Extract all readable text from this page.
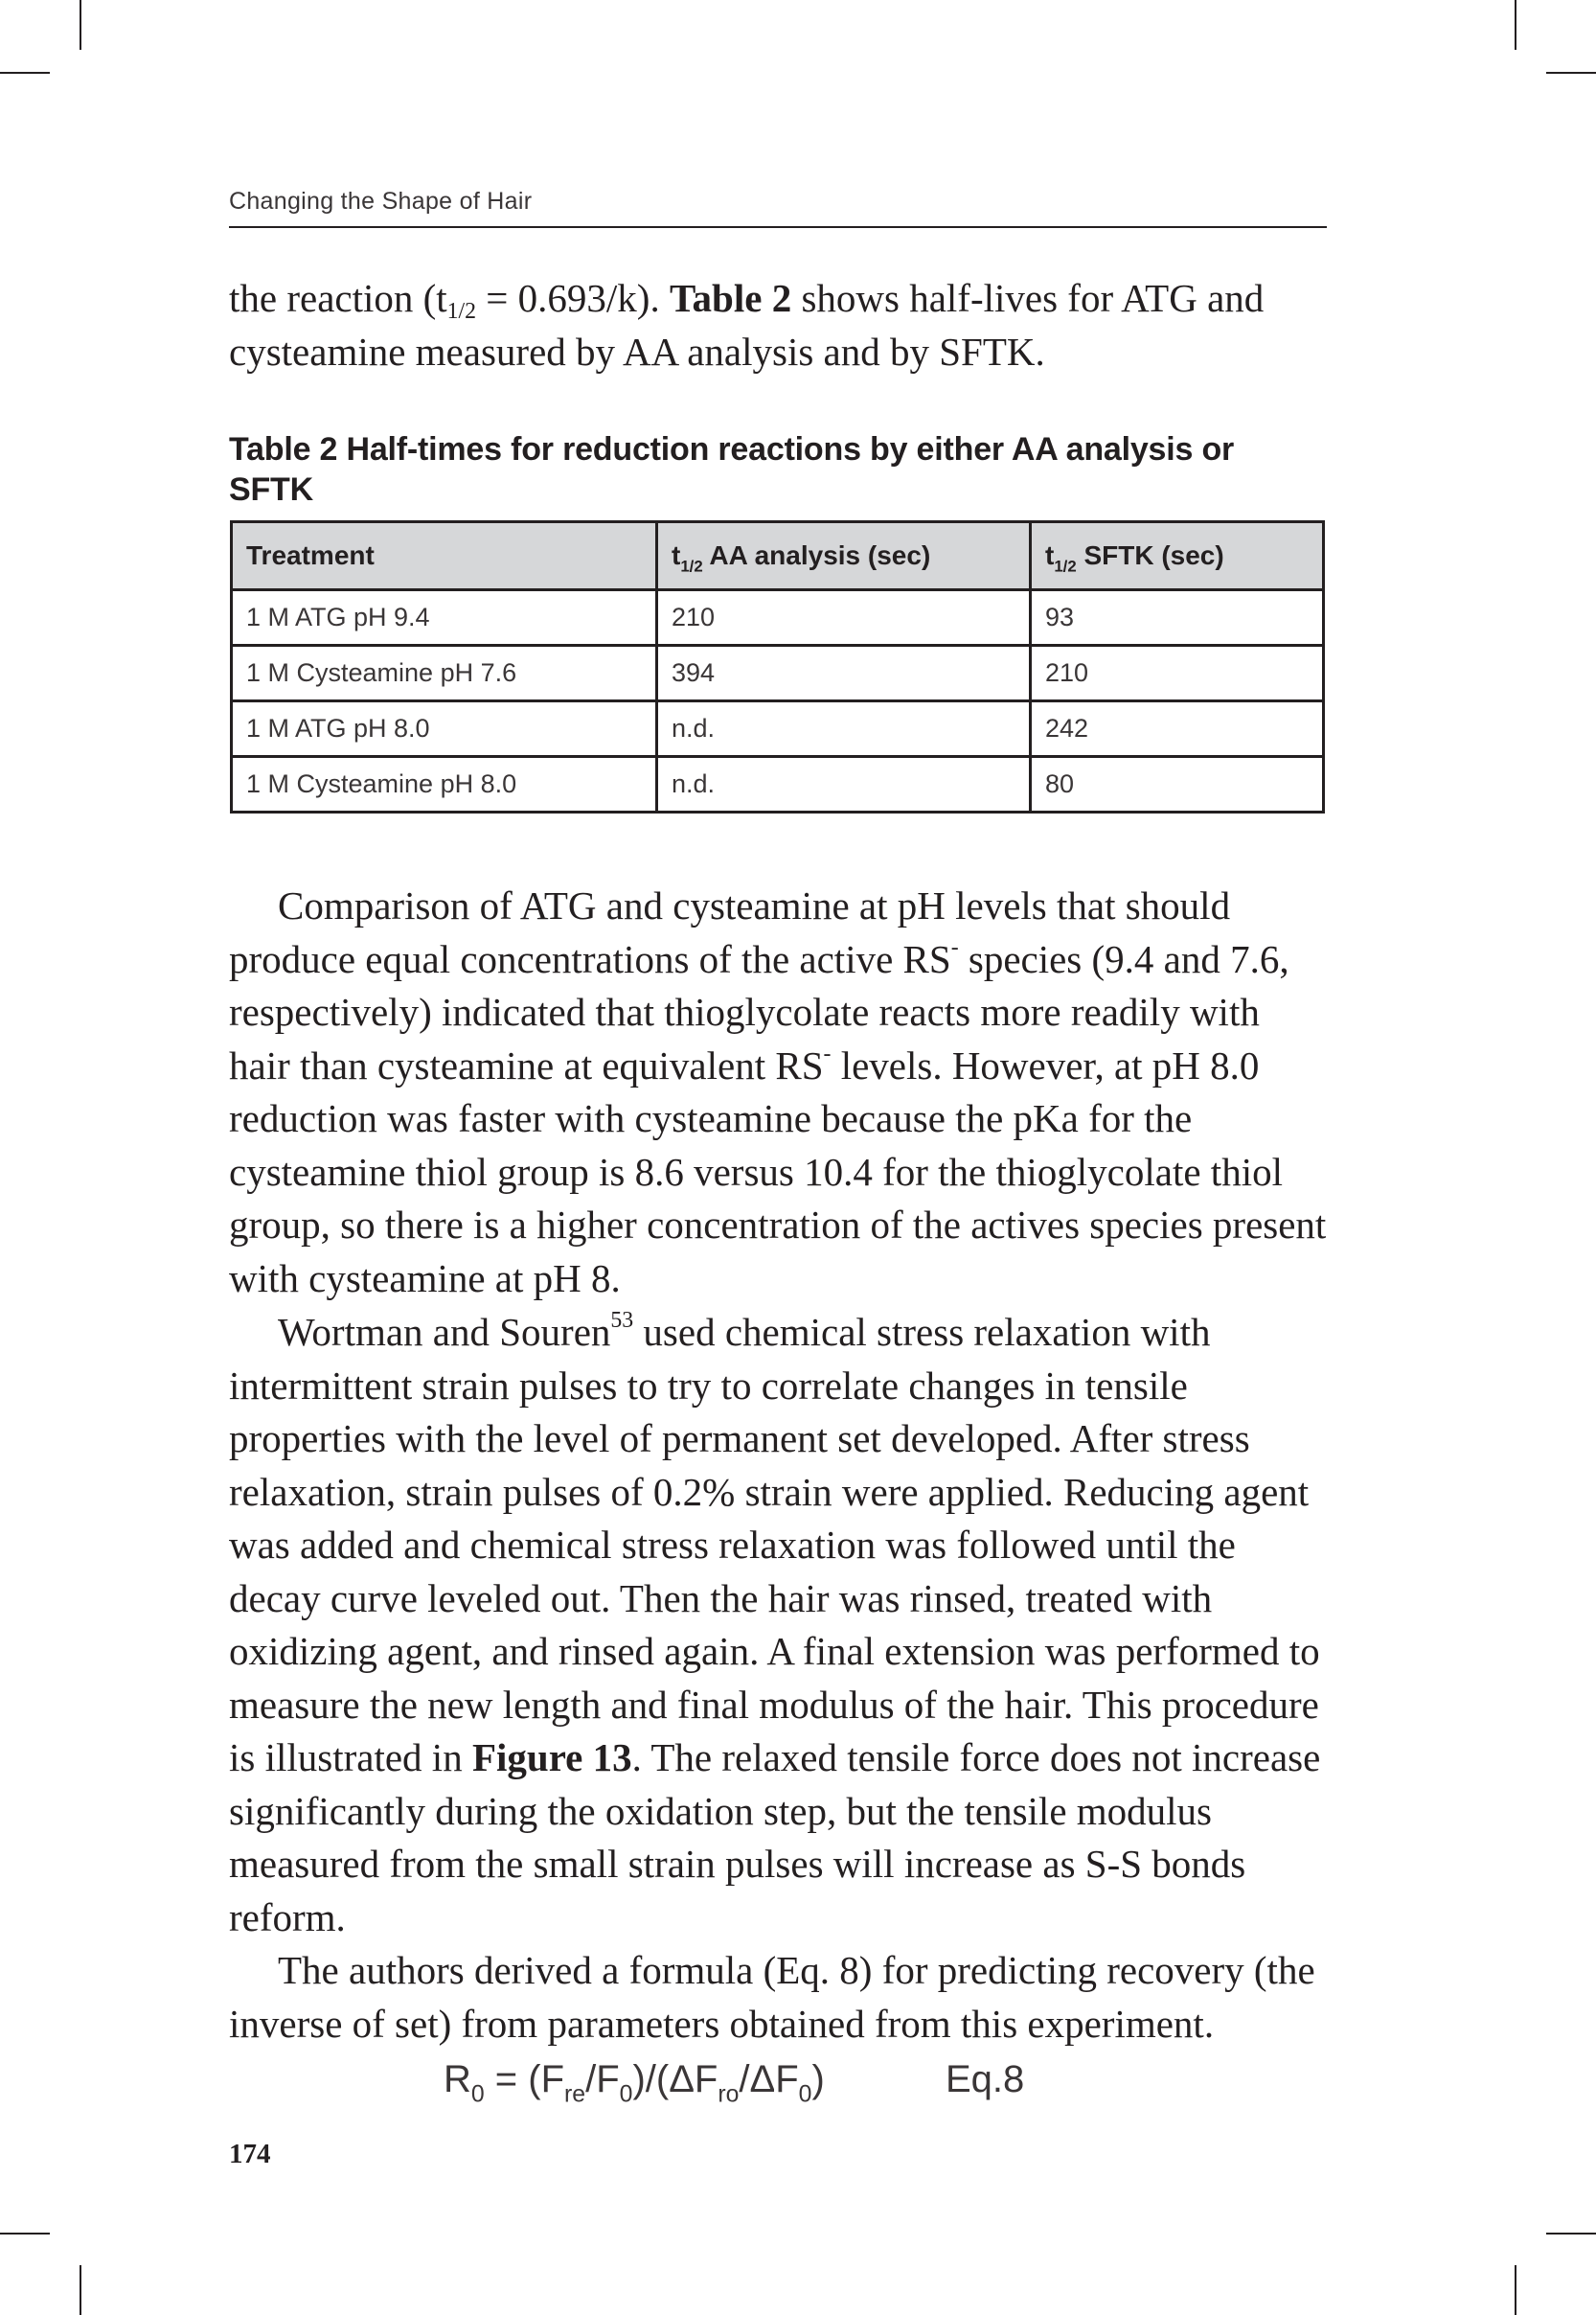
Changing the Shape of Hair

the reaction $(t_{1/2} = 0.693/k)$. Table 2 shows half-lives for ATG and cysteamine measured by AA analysis and by SFTK.

Table 2 Half-times for reduction reactions by either AA analysis or SFTK

Treatment	$t_{1/2}$ AA analysis (sec)	$t_{1/2}$ SFTK (sec)
1 M ATG pH 9.4	210	93
1 M Cysteamine pH 7.6	394	210
1 M ATG pH 8.0	n.d.	242
1 M Cysteamine pH 8.0	n.d.	80

Comparison of ATG and cysteamine at pH levels that should produce equal concentrations of the active RS- species (9.4 and 7.6, respectively) indicated that thioglycolate reacts more readily with hair than cysteamine at equivalent RS- levels. However, at pH 8.0 reduction was faster with cysteamine because the pKa for the cysteamine thiol group is 8.6 versus 10.4 for the thioglycolate thiol group, so there is a higher concentration of the actives species present with cysteamine at pH 8.

Wortman and Souren$^{53}$ used chemical stress relaxation with intermittent strain pulses to try to correlate changes in tensile properties with the level of permanent set developed. After stress relaxation, strain pulses of 0.2% strain were applied. Reducing agent was added and chemical stress relaxation was followed until the decay curve leveled out. Then the hair was rinsed, treated with oxidizing agent, and rinsed again. A final extension was performed to measure the new length and final modulus of the hair. This procedure is illustrated in Figure 13. The relaxed tensile force does not increase significantly during the oxidation step, but the tensile modulus measured from the small strain pulses will increase as S-S bonds reform.

The authors derived a formula (Eq. 8) for predicting recovery (the inverse of set) from parameters obtained from this experiment.

$R_0 = (F_{re}/F_0)/(\Delta F_{ro}/\Delta F_0)$	Eq.8
174
